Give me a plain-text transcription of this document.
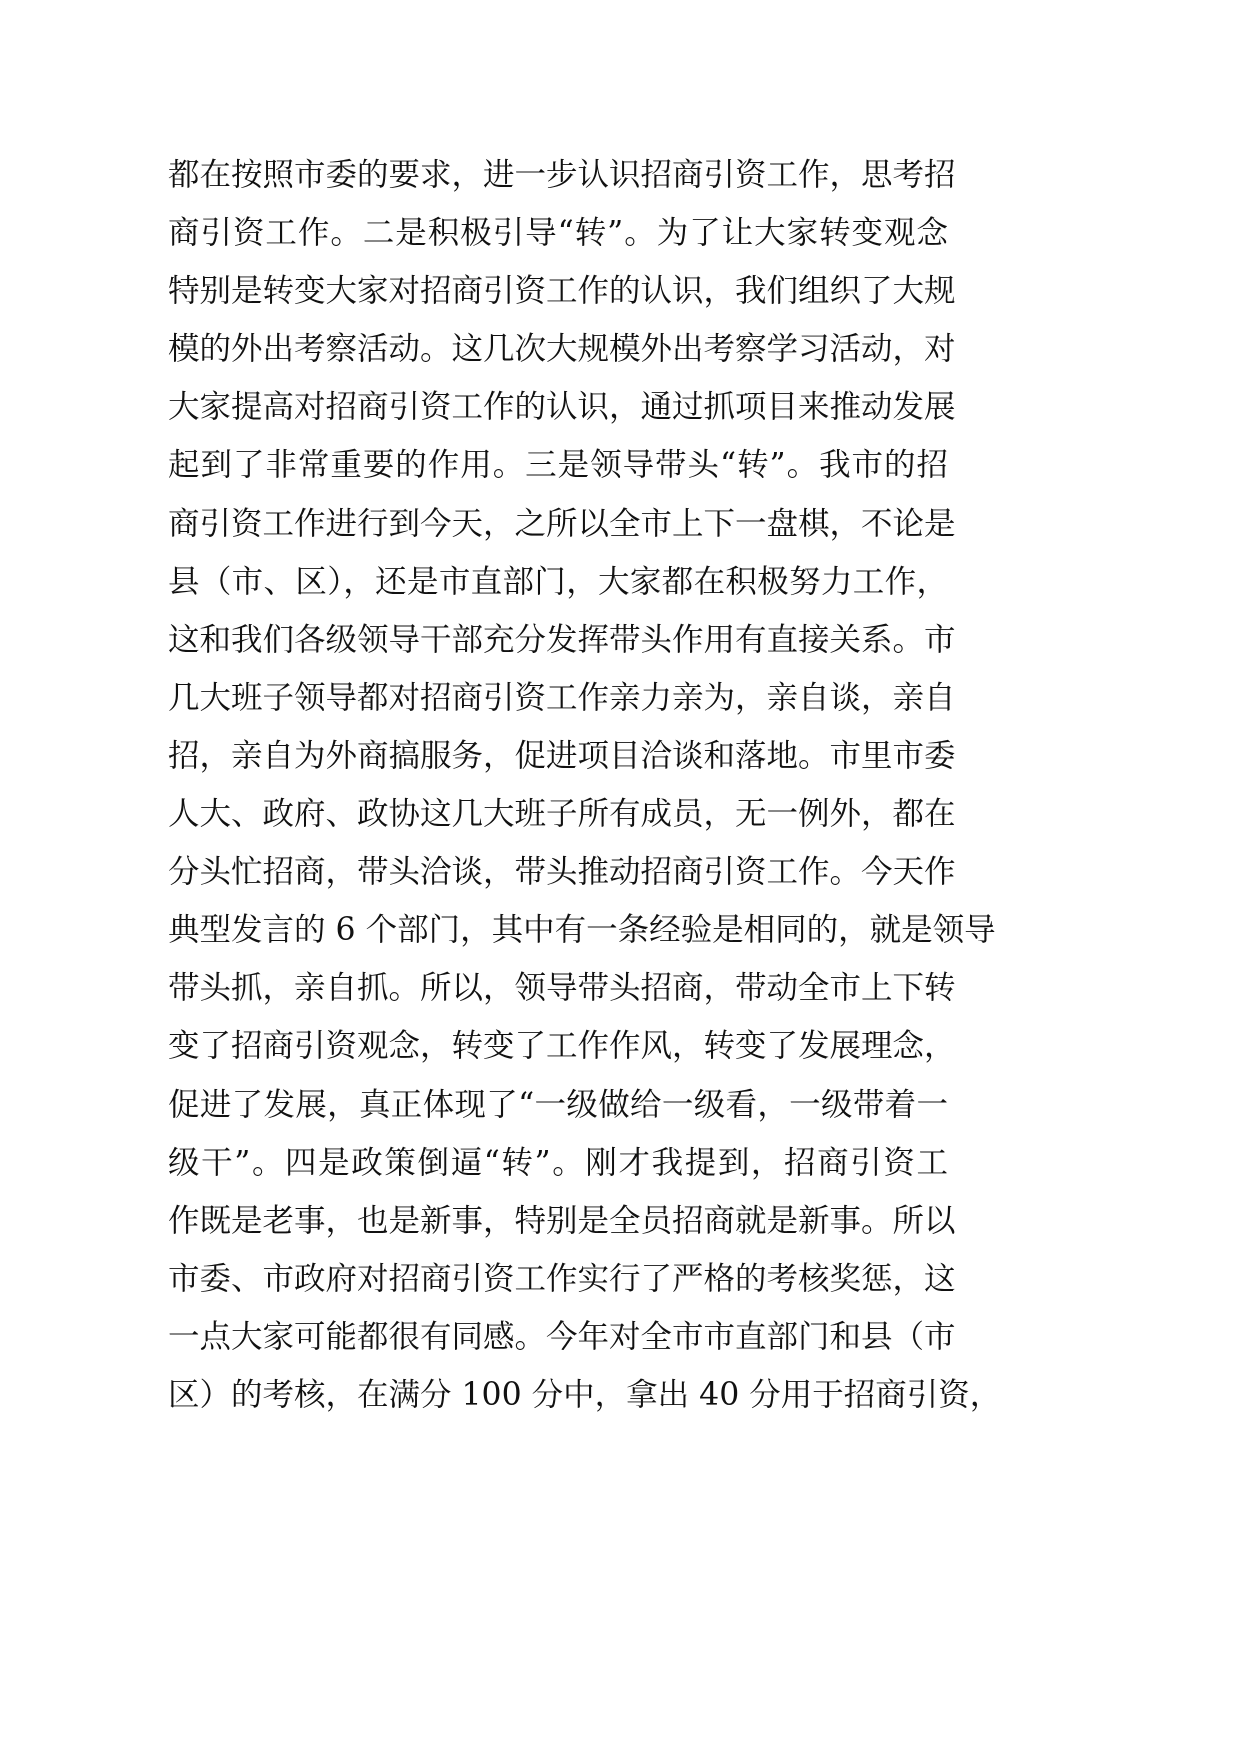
都在按照市委的要求，进一步认识招商引资工作，思考招
商引资工作。二是积极引导“转”。为了让大家转变观念
特别是转变大家对招商引资工作的认识，我们组织了大规
模的外出考察活动。这几次大规模外出考察学习活动，对
大家提高对招商引资工作的认识，通过抓项目来推动发展
起到了非常重要的作用。三是领导带头“转”。我市的招
商引资工作进行到今天，之所以全市上下一盘棋，不论是
县（市、区），还是市直部门，大家都在积极努力工作，
这和我们各级领导干部充分发挥带头作用有直接关系。市
几大班子领导都对招商引资工作亲力亲为，亲自谈，亲自
招，亲自为外商搞服务，促进项目洽谈和落地。市里市委
人大、政府、政协这几大班子所有成员，无一例外，都在
分头忙招商，带头洽谈，带头推动招商引资工作。今天作
典型发言的 6 个部门，其中有一条经验是相同的，就是领导
带头抓，亲自抓。所以，领导带头招商，带动全市上下转
变了招商引资观念，转变了工作作风，转变了发展理念，
促进了发展，真正体现了“一级做给一级看，一级带着一
级干”。四是政策倒逼“转”。刚才我提到，招商引资工
作既是老事，也是新事，特别是全员招商就是新事。所以
市委、市政府对招商引资工作实行了严格的考核奖惩，这
一点大家可能都很有同感。今年对全市市直部门和县（市
区）的考核，在满分 100 分中，拿出 40 分用于招商引资，
